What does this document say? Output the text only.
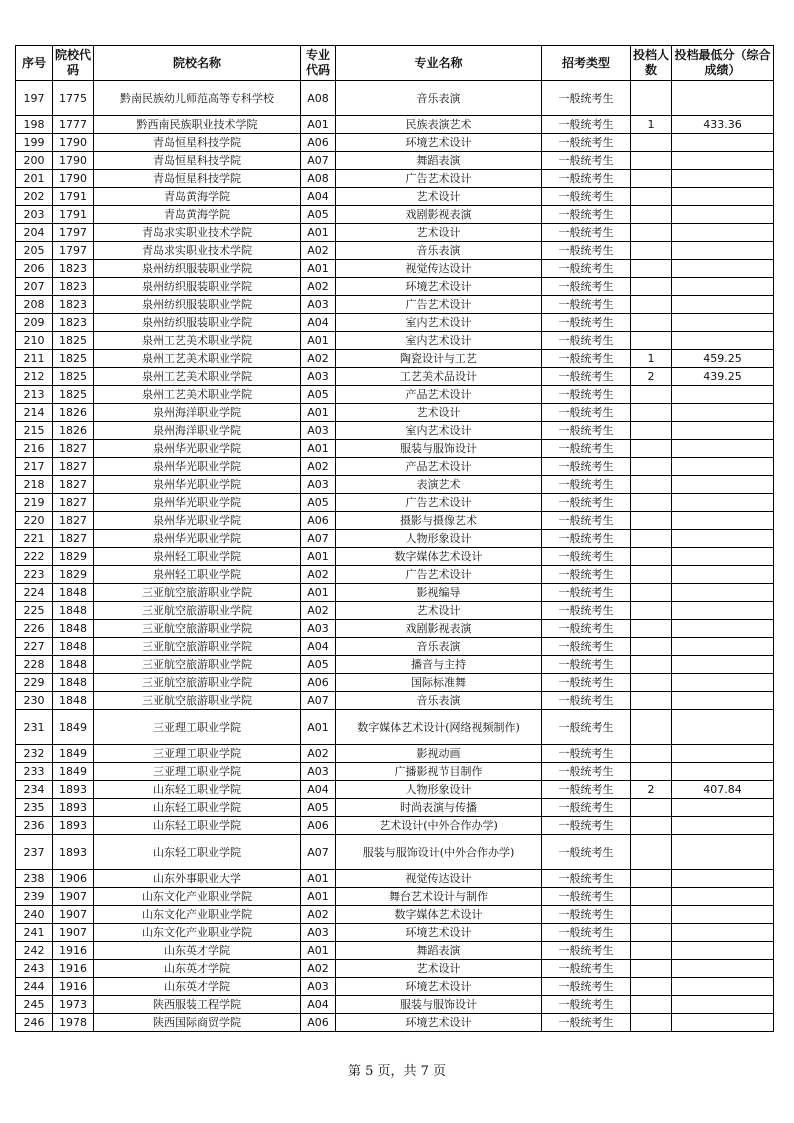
序号	院校代码	院校名称	专业代码	专业名称	招考类型	投档人数	投档最低分（综合成绩）
197	1775	黔南民族幼儿师范高等专科学校	A08	音乐表演	一般统考生		
198	1777	黔西南民族职业技术学院	A01	民族表演艺术	一般统考生	1	433.36
199	1790	青岛恒星科技学院	A06	环境艺术设计	一般统考生		
200	1790	青岛恒星科技学院	A07	舞蹈表演	一般统考生		
201	1790	青岛恒星科技学院	A08	广告艺术设计	一般统考生		
202	1791	青岛黄海学院	A04	艺术设计	一般统考生		
203	1791	青岛黄海学院	A05	戏剧影视表演	一般统考生		
204	1797	青岛求实职业技术学院	A01	艺术设计	一般统考生		
205	1797	青岛求实职业技术学院	A02	音乐表演	一般统考生		
206	1823	泉州纺织服装职业学院	A01	视觉传达设计	一般统考生		
207	1823	泉州纺织服装职业学院	A02	环境艺术设计	一般统考生		
208	1823	泉州纺织服装职业学院	A03	广告艺术设计	一般统考生		
209	1823	泉州纺织服装职业学院	A04	室内艺术设计	一般统考生		
210	1825	泉州工艺美术职业学院	A01	室内艺术设计	一般统考生		
211	1825	泉州工艺美术职业学院	A02	陶瓷设计与工艺	一般统考生	1	459.25
212	1825	泉州工艺美术职业学院	A03	工艺美术品设计	一般统考生	2	439.25
213	1825	泉州工艺美术职业学院	A05	产品艺术设计	一般统考生		
214	1826	泉州海洋职业学院	A01	艺术设计	一般统考生		
215	1826	泉州海洋职业学院	A03	室内艺术设计	一般统考生		
216	1827	泉州华光职业学院	A01	服装与服饰设计	一般统考生		
217	1827	泉州华光职业学院	A02	产品艺术设计	一般统考生		
218	1827	泉州华光职业学院	A03	表演艺术	一般统考生		
219	1827	泉州华光职业学院	A05	广告艺术设计	一般统考生		
220	1827	泉州华光职业学院	A06	摄影与摄像艺术	一般统考生		
221	1827	泉州华光职业学院	A07	人物形象设计	一般统考生		
222	1829	泉州轻工职业学院	A01	数字媒体艺术设计	一般统考生		
223	1829	泉州轻工职业学院	A02	广告艺术设计	一般统考生		
224	1848	三亚航空旅游职业学院	A01	影视编导	一般统考生		
225	1848	三亚航空旅游职业学院	A02	艺术设计	一般统考生		
226	1848	三亚航空旅游职业学院	A03	戏剧影视表演	一般统考生		
227	1848	三亚航空旅游职业学院	A04	音乐表演	一般统考生		
228	1848	三亚航空旅游职业学院	A05	播音与主持	一般统考生		
229	1848	三亚航空旅游职业学院	A06	国际标准舞	一般统考生		
230	1848	三亚航空旅游职业学院	A07	音乐表演	一般统考生		
231	1849	三亚理工职业学院	A01	数字媒体艺术设计(网络视频制作)	一般统考生		
232	1849	三亚理工职业学院	A02	影视动画	一般统考生		
233	1849	三亚理工职业学院	A03	广播影视节目制作	一般统考生		
234	1893	山东轻工职业学院	A04	人物形象设计	一般统考生	2	407.84
235	1893	山东轻工职业学院	A05	时尚表演与传播	一般统考生		
236	1893	山东轻工职业学院	A06	艺术设计(中外合作办学)	一般统考生		
237	1893	山东轻工职业学院	A07	服装与服饰设计(中外合作办学)	一般统考生		
238	1906	山东外事职业大学	A01	视觉传达设计	一般统考生		
239	1907	山东文化产业职业学院	A01	舞台艺术设计与制作	一般统考生		
240	1907	山东文化产业职业学院	A02	数字媒体艺术设计	一般统考生		
241	1907	山东文化产业职业学院	A03	环境艺术设计	一般统考生		
242	1916	山东英才学院	A01	舞蹈表演	一般统考生		
243	1916	山东英才学院	A02	艺术设计	一般统考生		
244	1916	山东英才学院	A03	环境艺术设计	一般统考生		
245	1973	陕西服装工程学院	A04	服装与服饰设计	一般统考生		
246	1978	陕西国际商贸学院	A06	环境艺术设计	一般统考生		
第 5 页，共 7 页
